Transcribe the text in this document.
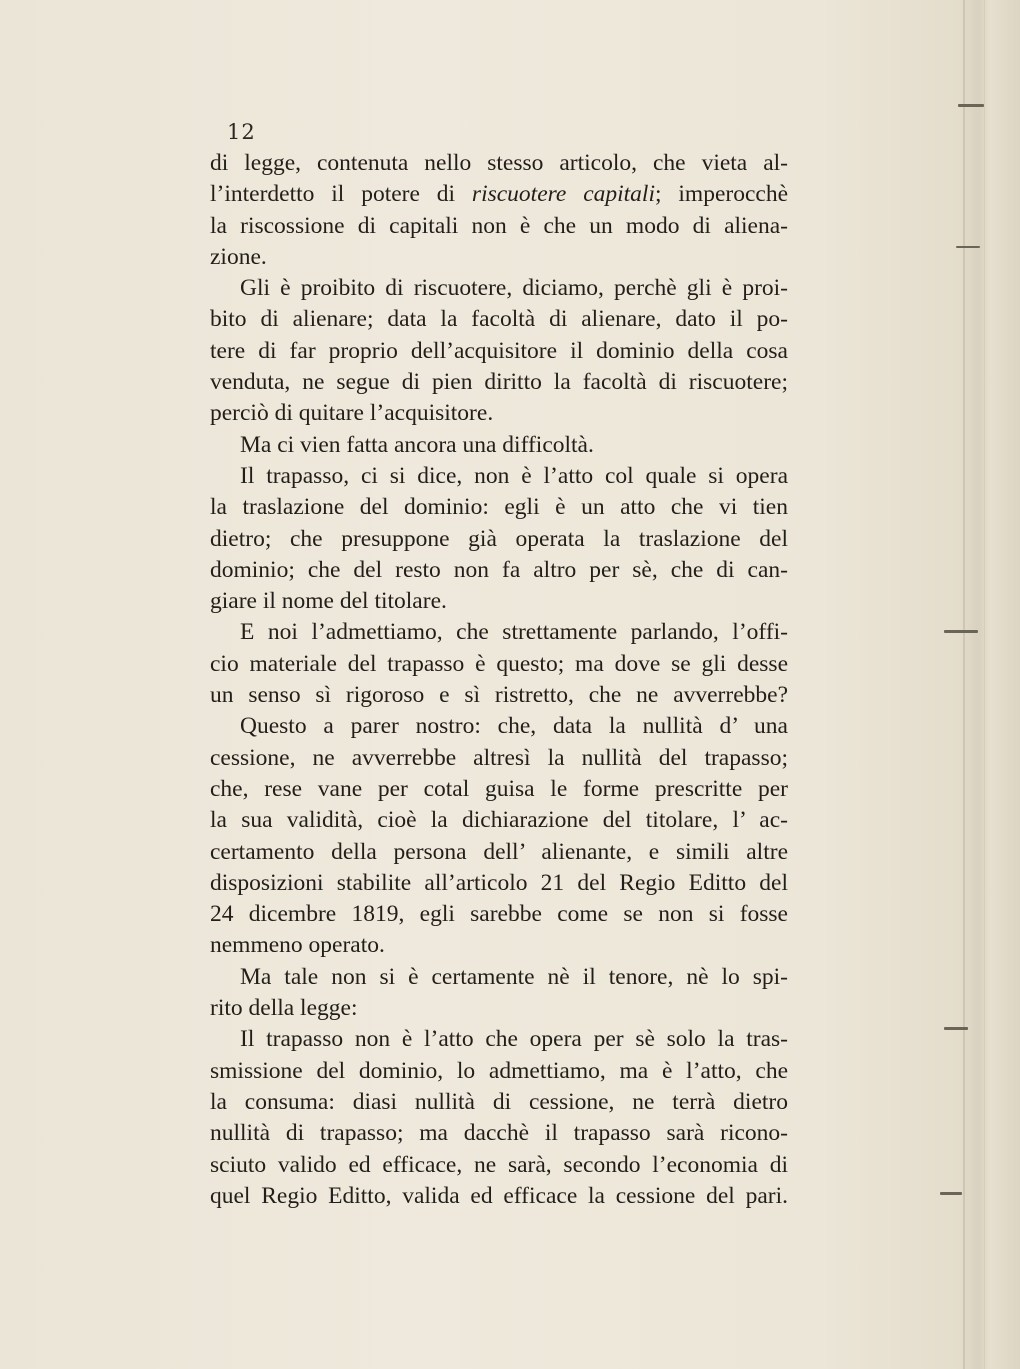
12
di legge, contenuta nello stesso articolo, che vieta al-
l’interdetto il potere di riscuotere capitali; imperocchè
la riscossione di capitali non è che un modo di aliena-
zione.
Gli è proibito di riscuotere, diciamo, perchè gli è proi-
bito di alienare; data la facoltà di alienare, dato il po-
tere di far proprio dell’acquisitore il dominio della cosa
venduta, ne segue di pien diritto la facoltà di riscuotere;
perciò di quitare l’acquisitore.
Ma ci vien fatta ancora una difficoltà.
Il trapasso, ci si dice, non è l’atto col quale si opera
la traslazione del dominio: egli è un atto che vi tien
dietro; che presuppone già operata la traslazione del
dominio; che del resto non fa altro per sè, che di can-
giare il nome del titolare.
E noi l’admettiamo, che strettamente parlando, l’offi-
cio materiale del trapasso è questo; ma dove se gli desse
un senso sì rigoroso e sì ristretto, che ne avverrebbe?
Questo a parer nostro: che, data la nullità d’ una
cessione, ne avverrebbe altresì la nullità del trapasso;
che, rese vane per cotal guisa le forme prescritte per
la sua validità, cioè la dichiarazione del titolare, l’ ac-
certamento della persona dell’ alienante, e simili altre
disposizioni stabilite all’articolo 21 del Regio Editto del
24 dicembre 1819, egli sarebbe come se non si fosse
nemmeno operato.
Ma tale non si è certamente nè il tenore, nè lo spi-
rito della legge:
Il trapasso non è l’atto che opera per sè solo la tras-
smissione del dominio, lo admettiamo, ma è l’atto, che
la consuma: diasi nullità di cessione, ne terrà dietro
nullità di trapasso; ma dacchè il trapasso sarà ricono-
sciuto valido ed efficace, ne sarà, secondo l’economia di
quel Regio Editto, valida ed efficace la cessione del pari.
